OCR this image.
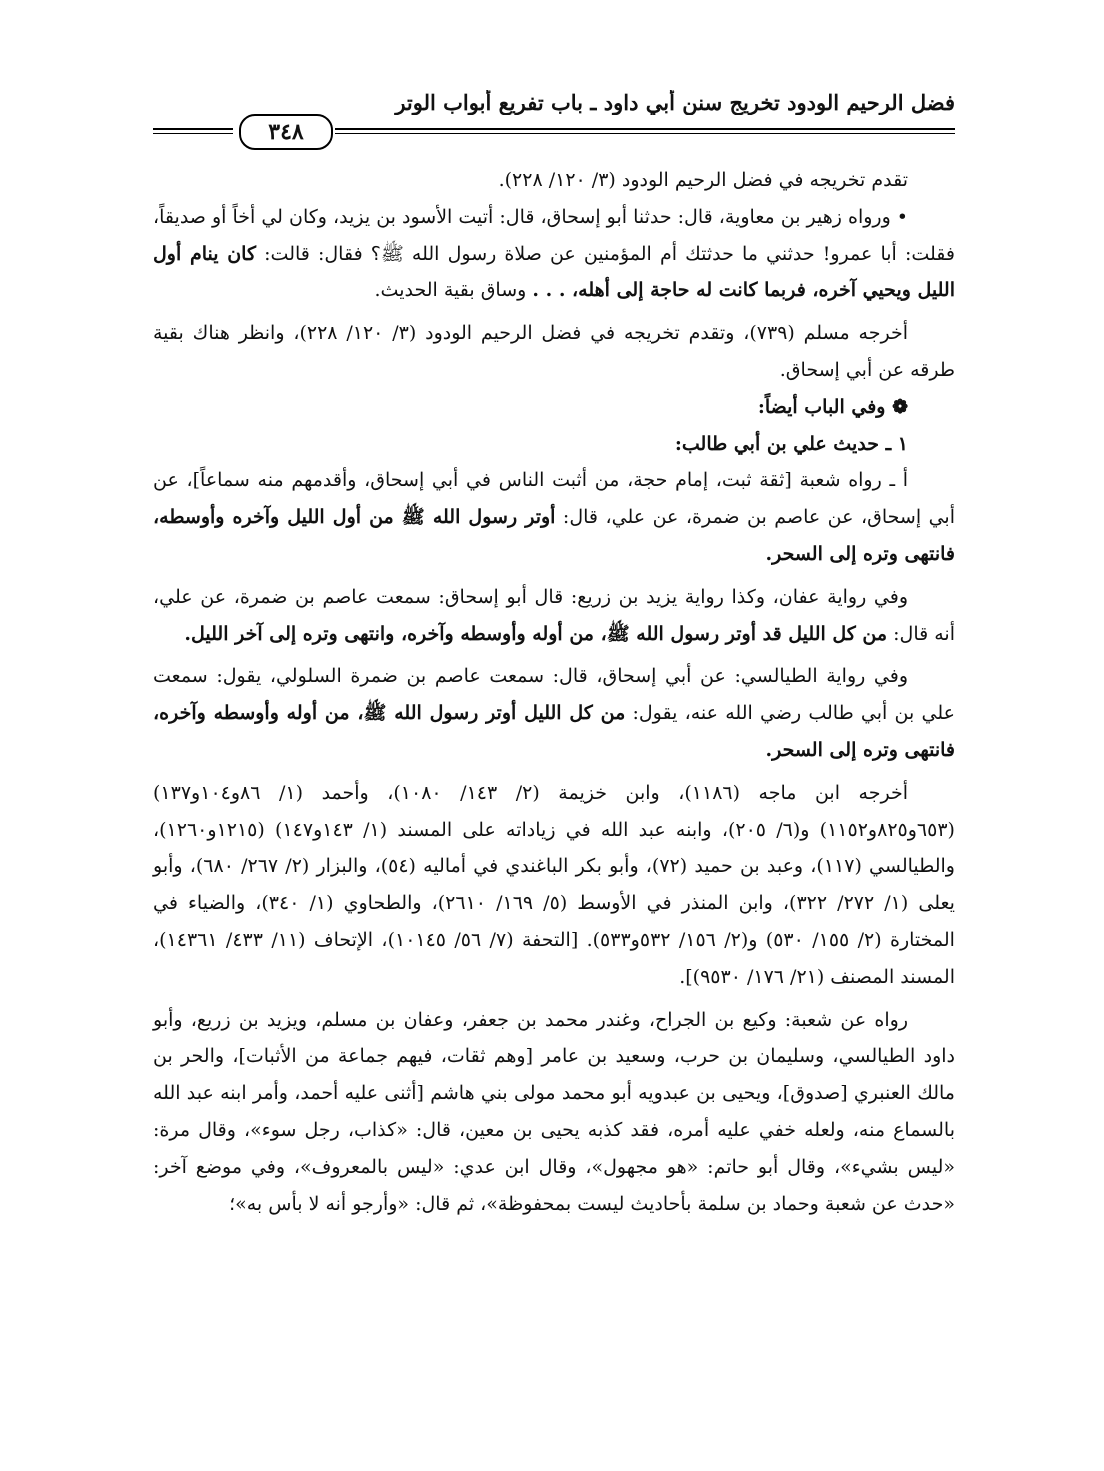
فضل الرحيم الودود تخريج سنن أبي داود ـ باب تفريع أبواب الوتر
٣٤٨

تقدم تخريجه في فضل الرحيم الودود (٣/ ١٢٠/ ٢٢٨).

• ورواه زهير بن معاوية، قال: حدثنا أبو إسحاق، قال: أتيت الأسود بن يزيد، وكان لي أخاً أو صديقاً، فقلت: أبا عمرو! حدثني ما حدثتك أم المؤمنين عن صلاة رسول الله ﷺ؟ فقال: قالت: كان ينام أول الليل ويحيي آخره، فربما كانت له حاجة إلى أهله، . . . وساق بقية الحديث.

أخرجه مسلم (٧٣٩)، وتقدم تخريجه في فضل الرحيم الودود (٣/ ١٢٠/ ٢٢٨)، وانظر هناك بقية طرقه عن أبي إسحاق.

❁ وفي الباب أيضاً:

١ ـ حديث علي بن أبي طالب:

أ ـ رواه شعبة [ثقة ثبت، إمام حجة، من أثبت الناس في أبي إسحاق، وأقدمهم منه سماعاً]، عن أبي إسحاق، عن عاصم بن ضمرة، عن علي، قال: أوتر رسول الله ﷺ من أول الليل وآخره وأوسطه، فانتهى وتره إلى السحر.

وفي رواية عفان، وكذا رواية يزيد بن زريع: قال أبو إسحاق: سمعت عاصم بن ضمرة، عن علي، أنه قال: من كل الليل قد أوتر رسول الله ﷺ، من أوله وأوسطه وآخره، وانتهى وتره إلى آخر الليل.

وفي رواية الطيالسي: عن أبي إسحاق، قال: سمعت عاصم بن ضمرة السلولي، يقول: سمعت علي بن أبي طالب رضي الله عنه، يقول: من كل الليل أوتر رسول الله ﷺ، من أوله وأوسطه وآخره، فانتهى وتره إلى السحر.

أخرجه ابن ماجه (١١٨٦)، وابن خزيمة (٢/ ١٤٣/ ١٠٨٠)، وأحمد (١/ ٨٦و١٠٤و١٣٧) (٦٥٣و٨٢٥و١١٥٢) و(٦/ ٢٠٥)، وابنه عبد الله في زياداته على المسند (١/ ١٤٣و١٤٧) (١٢١٥و١٢٦٠)، والطيالسي (١١٧)، وعبد بن حميد (٧٢)، وأبو بكر الباغندي في أماليه (٥٤)، والبزار (٢/ ٢٦٧/ ٦٨٠)، وأبو يعلى (١/ ٢٧٢/ ٣٢٢)، وابن المنذر في الأوسط (٥/ ١٦٩/ ٢٦١٠)، والطحاوي (١/ ٣٤٠)، والضياء في المختارة (٢/ ١٥٥/ ٥٣٠) و(٢/ ١٥٦/ ٥٣٢و٥٣٣). [التحفة (٧/ ٥٦/ ١٠١٤٥)، الإتحاف (١١/ ٤٣٣/ ١٤٣٦١)، المسند المصنف (٢١/ ١٧٦/ ٩٥٣٠)].

رواه عن شعبة: وكيع بن الجراح، وغندر محمد بن جعفر، وعفان بن مسلم، ويزيد بن زريع، وأبو داود الطيالسي، وسليمان بن حرب، وسعيد بن عامر [وهم ثقات، فيهم جماعة من الأثبات]، والحر بن مالك العنبري [صدوق]، ويحيى بن عبدويه أبو محمد مولى بني هاشم [أثنى عليه أحمد، وأمر ابنه عبد الله بالسماع منه، ولعله خفي عليه أمره، فقد كذبه يحيى بن معين، قال: «كذاب، رجل سوء»، وقال مرة: «ليس بشيء»، وقال أبو حاتم: «هو مجهول»، وقال ابن عدي: «ليس بالمعروف»، وفي موضع آخر: «حدث عن شعبة وحماد بن سلمة بأحاديث ليست بمحفوظة»، ثم قال: «وأرجو أنه لا بأس به»؛
